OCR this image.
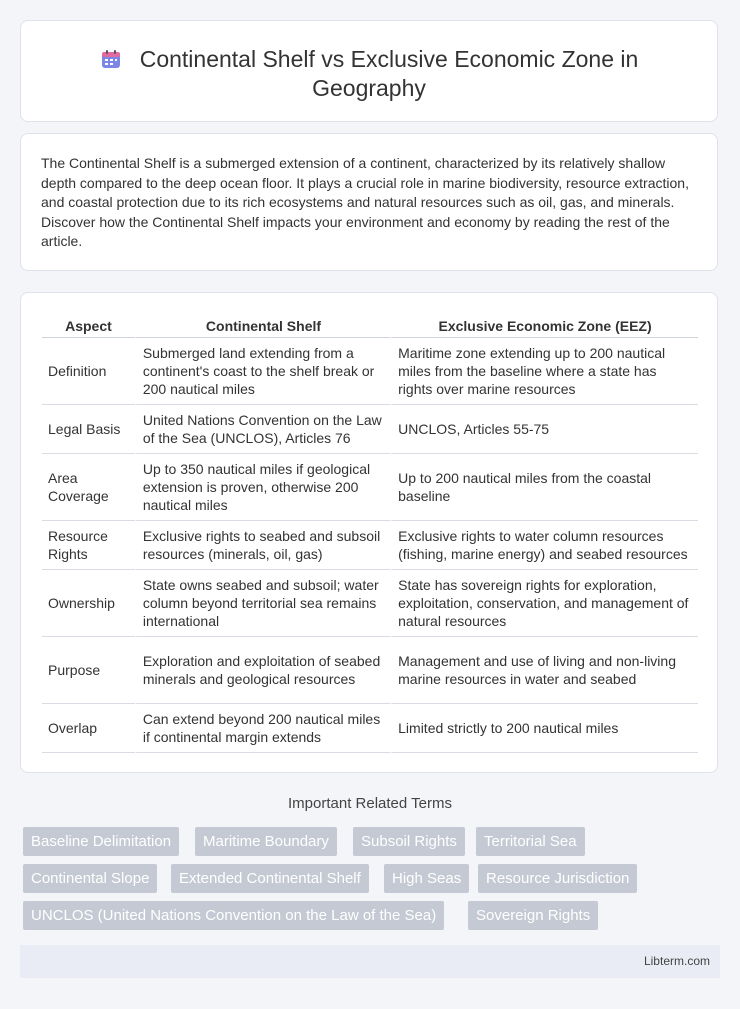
Continental Shelf vs Exclusive Economic Zone in Geography

The Continental Shelf is a submerged extension of a continent, characterized by its relatively shallow depth compared to the deep ocean floor. It plays a crucial role in marine biodiversity, resource extraction, and coastal protection due to its rich ecosystems and natural resources such as oil, gas, and minerals. Discover how the Continental Shelf impacts your environment and economy by reading the rest of the article.

Aspect	Continental Shelf	Exclusive Economic Zone (EEZ)
Definition	Submerged land extending from a continent's coast to the shelf break or 200 nautical miles	Maritime zone extending up to 200 nautical miles from the baseline where a state has rights over marine resources
Legal Basis	United Nations Convention on the Law of the Sea (UNCLOS), Articles 76	UNCLOS, Articles 55-75
Area Coverage	Up to 350 nautical miles if geological extension is proven, otherwise 200 nautical miles	Up to 200 nautical miles from the coastal baseline
Resource Rights	Exclusive rights to seabed and subsoil resources (minerals, oil, gas)	Exclusive rights to water column resources (fishing, marine energy) and seabed resources
Ownership	State owns seabed and subsoil; water column beyond territorial sea remains international	State has sovereign rights for exploration, exploitation, conservation, and management of natural resources
Purpose	Exploration and exploitation of seabed minerals and geological resources	Management and use of living and non-living marine resources in water and seabed
Overlap	Can extend beyond 200 nautical miles if continental margin extends	Limited strictly to 200 nautical miles
Important Related Terms
Baseline Delimitation	Maritime Boundary	Subsoil Rights	Territorial Sea
Continental Slope	Extended Continental Shelf	High Seas	Resource Jurisdiction
UNCLOS (United Nations Convention on the Law of the Sea)	Sovereign Rights
Libterm.com
